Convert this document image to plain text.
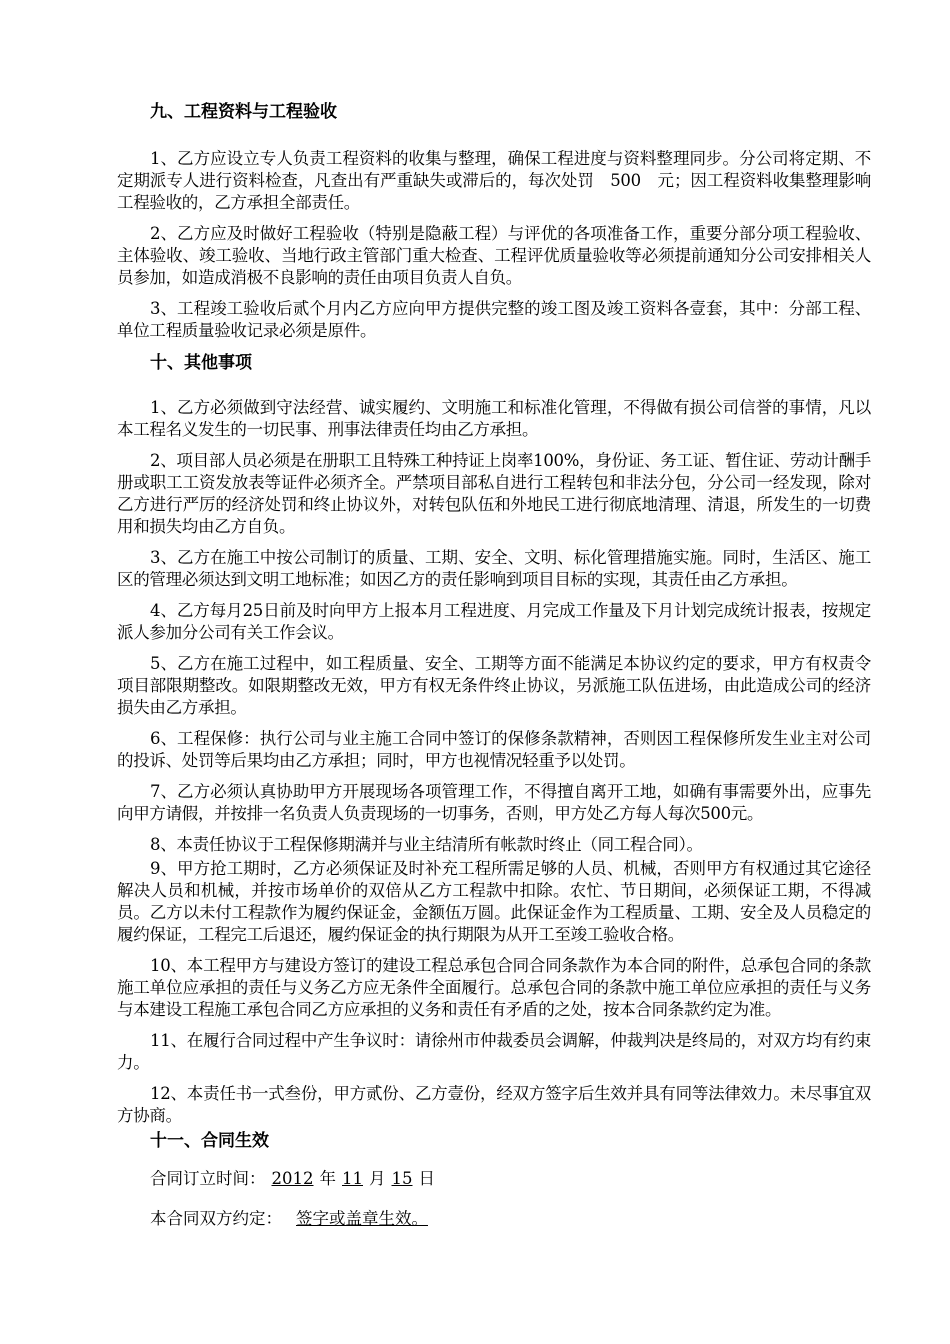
九、工程资料与工程验收

1、乙方应设立专人负责工程资料的收集与整理，确保工程进度与资料整理同步。分公司将定期、不定期派专人进行资料检查，凡查出有严重缺失或滞后的，每次处罚　500　元；因工程资料收集整理影响工程验收的，乙方承担全部责任。

2、乙方应及时做好工程验收（特别是隐蔽工程）与评优的各项准备工作，重要分部分项工程验收、主体验收、竣工验收、当地行政主管部门重大检查、工程评优质量验收等必须提前通知分公司安排相关人员参加，如造成消极不良影响的责任由项目负责人自负。

3、工程竣工验收后贰个月内乙方应向甲方提供完整的竣工图及竣工资料各壹套，其中：分部工程、单位工程质量验收记录必须是原件。

十、其他事项

1、乙方必须做到守法经营、诚实履约、文明施工和标准化管理，不得做有损公司信誉的事情，凡以本工程名义发生的一切民事、刑事法律责任均由乙方承担。

2、项目部人员必须是在册职工且特殊工种持证上岗率100%，身份证、务工证、暂住证、劳动计酬手册或职工工资发放表等证件必须齐全。严禁项目部私自进行工程转包和非法分包，分公司一经发现，除对乙方进行严厉的经济处罚和终止协议外，对转包队伍和外地民工进行彻底地清理、清退，所发生的一切费用和损失均由乙方自负。

3、乙方在施工中按公司制订的质量、工期、安全、文明、标化管理措施实施。同时，生活区、施工区的管理必须达到文明工地标准；如因乙方的责任影响到项目目标的实现，其责任由乙方承担。

4、乙方每月25日前及时向甲方上报本月工程进度、月完成工作量及下月计划完成统计报表，按规定派人参加分公司有关工作会议。

5、乙方在施工过程中，如工程质量、安全、工期等方面不能满足本协议约定的要求，甲方有权责令项目部限期整改。如限期整改无效，甲方有权无条件终止协议，另派施工队伍进场，由此造成公司的经济损失由乙方承担。

6、工程保修：执行公司与业主施工合同中签订的保修条款精神，否则因工程保修所发生业主对公司的投诉、处罚等后果均由乙方承担；同时，甲方也视情况轻重予以处罚。

7、乙方必须认真协助甲方开展现场各项管理工作，不得擅自离开工地，如确有事需要外出，应事先向甲方请假，并按排一名负责人负责现场的一切事务，否则，甲方处乙方每人每次500元。

8、本责任协议于工程保修期满并与业主结清所有帐款时终止（同工程合同）。

9、甲方抢工期时，乙方必须保证及时补充工程所需足够的人员、机械，否则甲方有权通过其它途径解决人员和机械，并按市场单价的双倍从乙方工程款中扣除。农忙、节日期间，必须保证工期，不得减员。乙方以未付工程款作为履约保证金，金额伍万圆。此保证金作为工程质量、工期、安全及人员稳定的履约保证，工程完工后退还，履约保证金的执行期限为从开工至竣工验收合格。

10、本工程甲方与建设方签订的建设工程总承包合同合同条款作为本合同的附件，总承包合同的条款施工单位应承担的责任与义务乙方应无条件全面履行。总承包合同的条款中施工单位应承担的责任与义务与本建设工程施工承包合同乙方应承担的义务和责任有矛盾的之处，按本合同条款约定为准。

11、在履行合同过程中产生争议时：请徐州市仲裁委员会调解，仲裁判决是终局的，对双方均有约束力。

12、本责任书一式叁份，甲方贰份、乙方壹份，经双方签字后生效并具有同等法律效力。未尽事宜双方协商。

十一、合同生效
合同订立时间： 2012 年 11 月 15 日
本合同双方约定： 签字或盖章生效。
